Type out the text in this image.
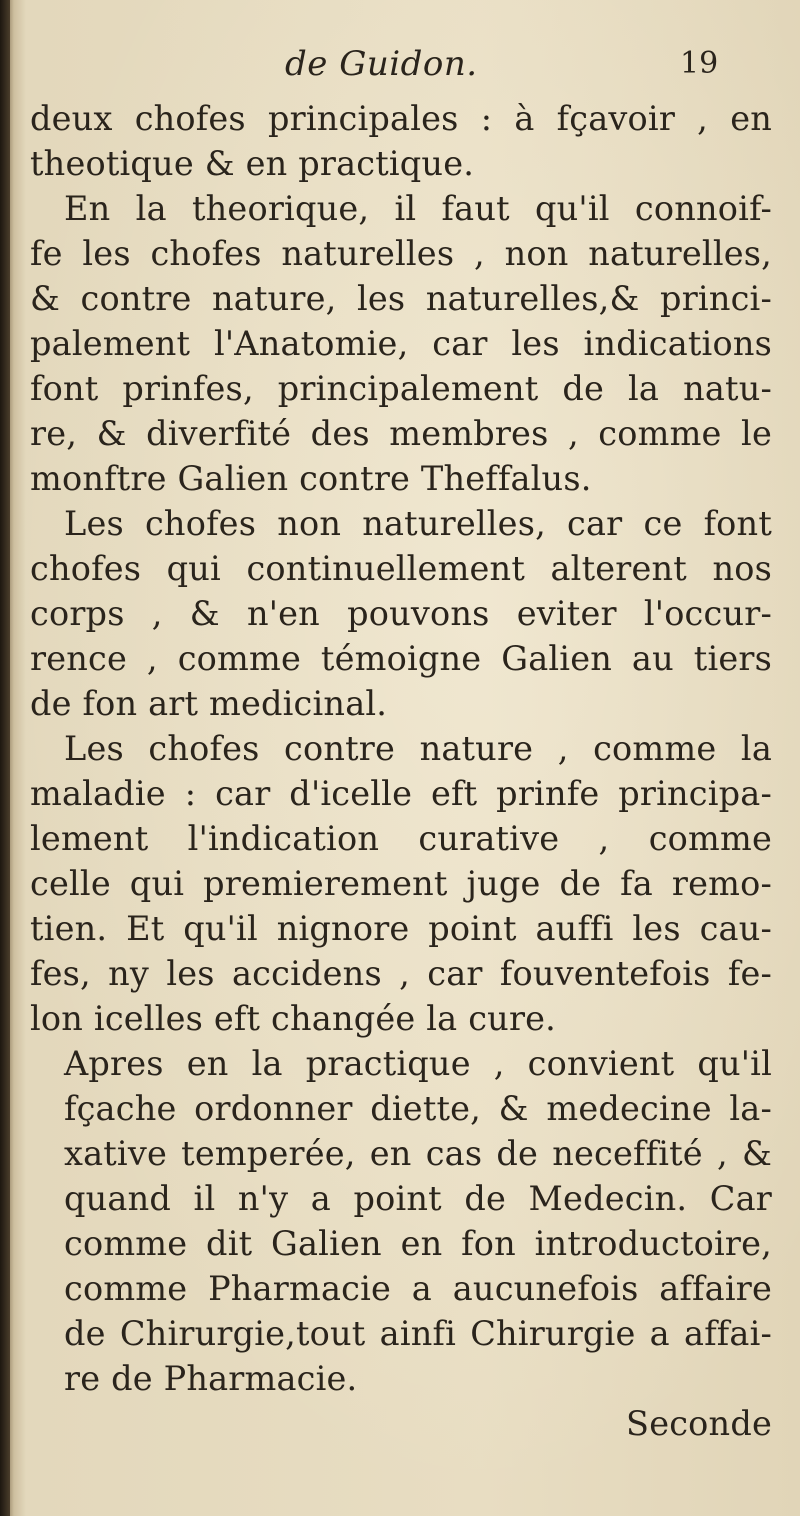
de Guidon.	19
deux chofes principales : à fçavoir , en
theotique & en practique.
En la theorique, il faut qu'il connoif-
fe les chofes naturelles , non naturelles,
& contre nature, les naturelles,& princi-
palement l'Anatomie, car les indications
font prinfes, principalement de la natu-
re, & diverfité des membres , comme le
monftre Galien contre Theffalus.
Les chofes non naturelles, car ce font
chofes qui continuellement alterent nos
corps , & n'en pouvons eviter l'occur-
rence , comme témoigne Galien au tiers
de fon art medicinal.
Les chofes contre nature , comme la
maladie : car d'icelle eft prinfe principa-
lement l'indication curative , comme
celle qui premierement juge de fa remo-
tien. Et qu'il nignore point auffi les cau-
fes, ny les accidens , car fouventefois fe-
lon icelles eft changée la cure.
Apres en la practique , convient qu'il
fçache ordonner diette, & medecine la-
xative temperée, en cas de neceffité , &
quand il n'y a point de Medecin. Car
comme dit Galien en fon introductoire,
comme Pharmacie a aucunefois affaire
de Chirurgie,tout ainfi Chirurgie a affai-
re de Pharmacie.
Seconde
